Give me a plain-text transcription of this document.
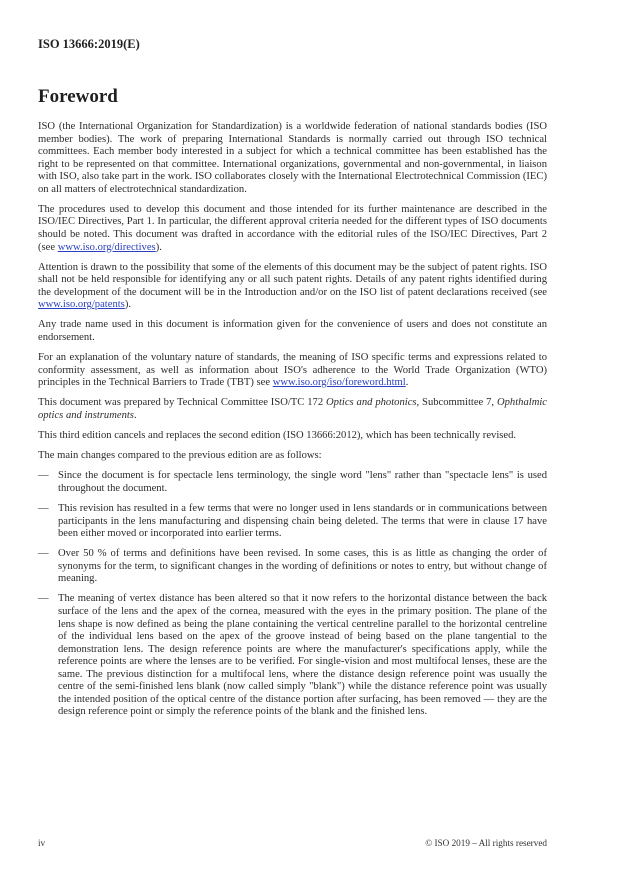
ISO 13666:2019(E)
Foreword

ISO (the International Organization for Standardization) is a worldwide federation of national standards bodies (ISO member bodies). The work of preparing International Standards is normally carried out through ISO technical committees. Each member body interested in a subject for which a technical committee has been established has the right to be represented on that committee. International organizations, governmental and non-governmental, in liaison with ISO, also take part in the work. ISO collaborates closely with the International Electrotechnical Commission (IEC) on all matters of electrotechnical standardization.

The procedures used to develop this document and those intended for its further maintenance are described in the ISO/IEC Directives, Part 1. In particular, the different approval criteria needed for the different types of ISO documents should be noted. This document was drafted in accordance with the editorial rules of the ISO/IEC Directives, Part 2 (see www.iso.org/directives).

Attention is drawn to the possibility that some of the elements of this document may be the subject of patent rights. ISO shall not be held responsible for identifying any or all such patent rights. Details of any patent rights identified during the development of the document will be in the Introduction and/or on the ISO list of patent declarations received (see www.iso.org/patents).

Any trade name used in this document is information given for the convenience of users and does not constitute an endorsement.

For an explanation of the voluntary nature of standards, the meaning of ISO specific terms and expressions related to conformity assessment, as well as information about ISO's adherence to the World Trade Organization (WTO) principles in the Technical Barriers to Trade (TBT) see www.iso.org/iso/foreword.html.

This document was prepared by Technical Committee ISO/TC 172 Optics and photonics, Subcommittee 7, Ophthalmic optics and instruments.

This third edition cancels and replaces the second edition (ISO 13666:2012), which has been technically revised.

The main changes compared to the previous edition are as follows:

— Since the document is for spectacle lens terminology, the single word "lens" rather than "spectacle lens" is used throughout the document.
— This revision has resulted in a few terms that were no longer used in lens standards or in communications between participants in the lens manufacturing and dispensing chain being deleted. The terms that were in clause 17 have been either moved or incorporated into earlier terms.
— Over 50 % of terms and definitions have been revised. In some cases, this is as little as changing the order of synonyms for the term, to significant changes in the wording of definitions or notes to entry, but without change of meaning.
— The meaning of vertex distance has been altered so that it now refers to the horizontal distance between the back surface of the lens and the apex of the cornea, measured with the eyes in the primary position. The plane of the lens shape is now defined as being the plane containing the vertical centreline parallel to the horizontal centreline of the individual lens based on the apex of the groove instead of being based on the plane tangential to the demonstration lens. The design reference points are where the manufacturer's specifications apply, while the reference points are where the lenses are to be verified. For single-vision and most multifocal lenses, these are the same. The previous distinction for a multifocal lens, where the distance design reference point was usually the centre of the semi-finished lens blank (now called simply "blank") while the distance reference point was usually the intended position of the optical centre of the distance portion after surfacing, has been removed — they are the design reference point or simply the reference points of the blank and the finished lens.
iv	© ISO 2019 – All rights reserved
